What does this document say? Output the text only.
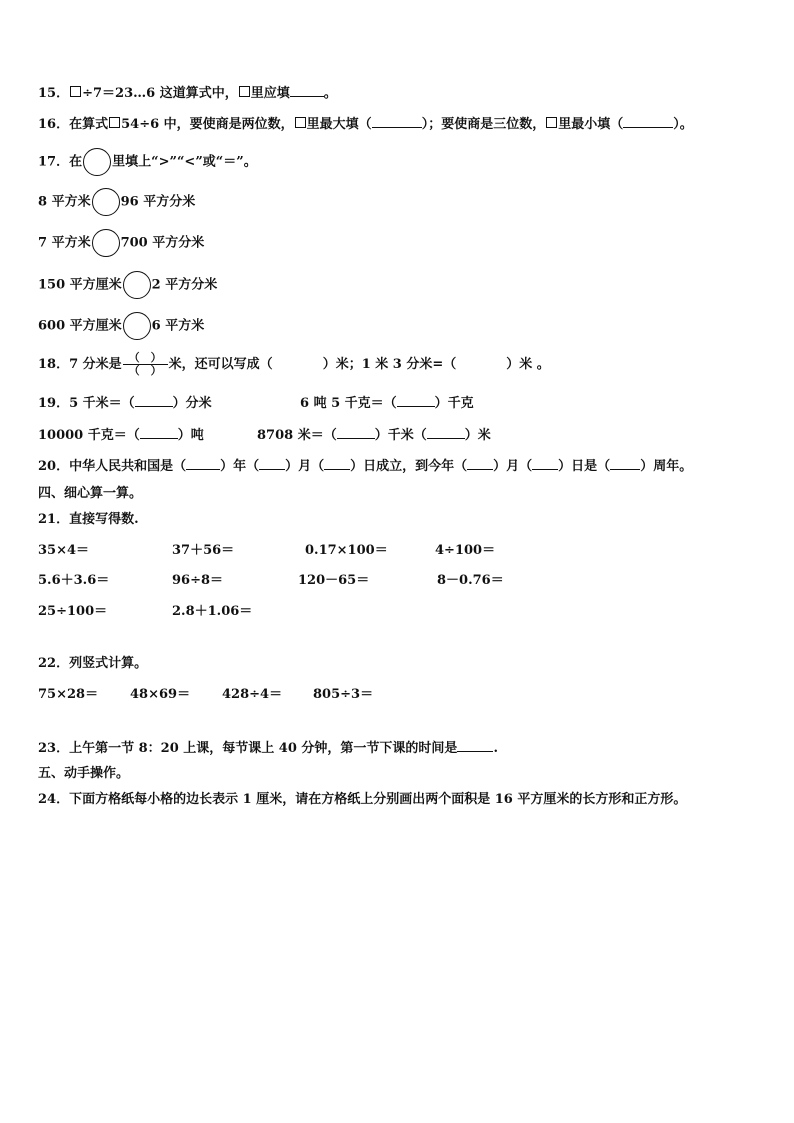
15． ÷7＝23…6 这道算式中， 里应填	。
16．在算式 54÷6 中，要使商是两位数， 里最大填（	）；要使商是三位数， 里最小填（	）。
17．在 里填上“>”“<”或“＝”。
8 平方米 96 平方分米
7 平方米 700 平方分米
150 平方厘米 2 平方分米
600 平方厘米 6 平方米
18．7 分米是 $\frac{( )}{( )}$ 米，还可以写成（	）米；1 米 3 分米=（	）米 。
19．5 千米＝（	）分米	6 吨 5 千克＝（	）千克
10000 千克＝（	）吨	8708 米＝（	）千米（	）米
20．中华人民共和国是（	）年（ ）月（ ）日成立，到今年（ ）月（ ）日是（ ）周年。
四、细心算一算。
21．直接写得数.
35×4＝	37＋56＝	0.17×100＝	4÷100＝
5.6＋3.6＝	96÷8＝	120－65＝	8－0.76＝
25÷100＝	2.8＋1.06＝
22．列竖式计算。
75×28＝ 48×69＝ 428÷4＝ 805÷3＝
23．上午第一节 8：20 上课，每节课上 40 分钟，第一节下课的时间是	.
五、动手操作。
24．下面方格纸每小格的边长表示 1 厘米，请在方格纸上分别画出两个面积是 16 平方厘米的长方形和正方形。
